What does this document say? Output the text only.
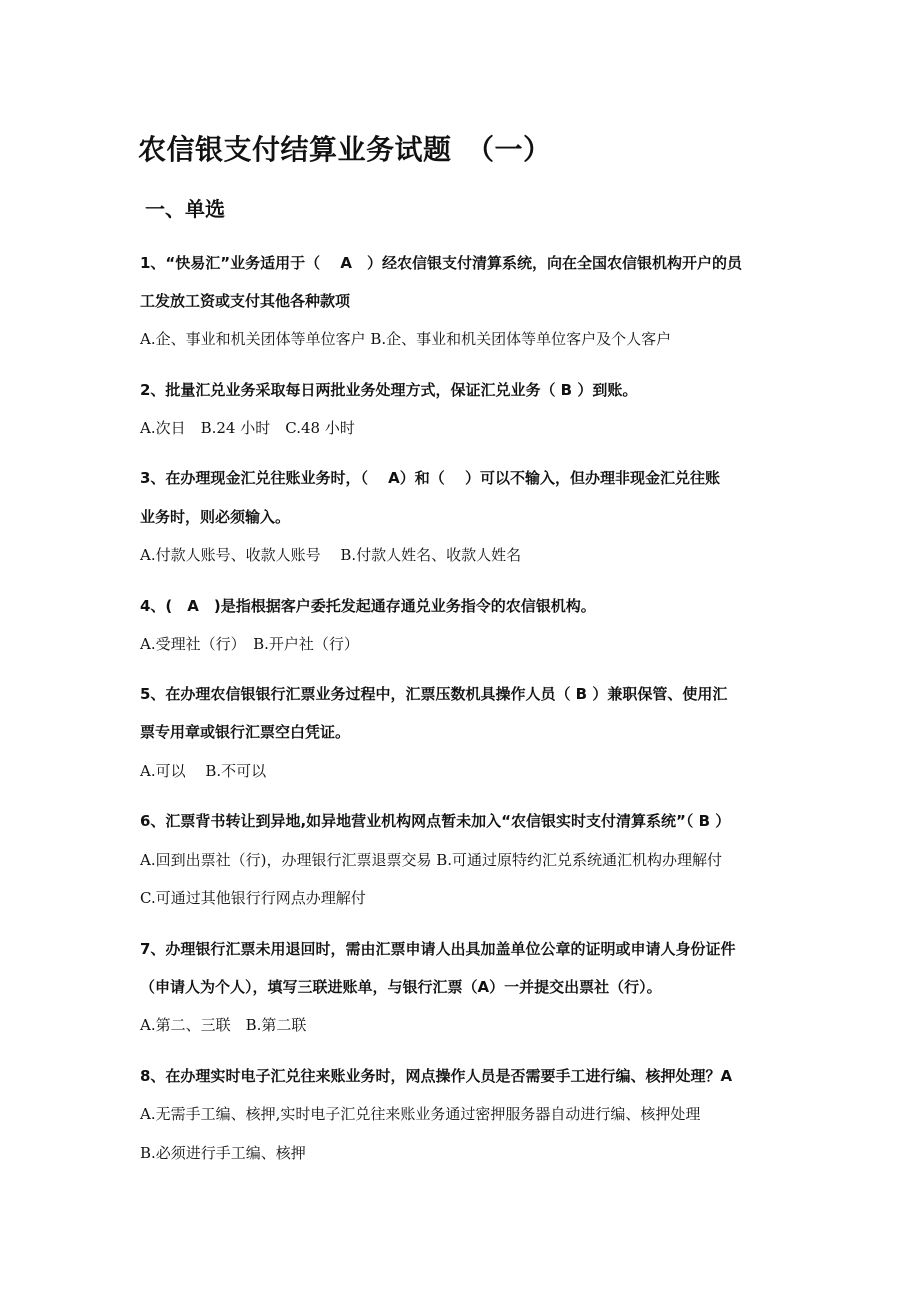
农信银支付结算业务试题　（一）
一、单选
1、“快易汇”业务适用于（　 A　）经农信银支付清算系统，向在全国农信银机构开户的员
工发放工资或支付其他各种款项
A.企、事业和机关团体等单位客户 B.企、事业和机关团体等单位客户及个人客户
2、批量汇兑业务采取每日两批业务处理方式，保证汇兑业务（ B ）到账。
A.次日　B.24 小时　C.48 小时
3、在办理现金汇兑往账业务时，（　 A）和（　 ）可以不输入，但办理非现金汇兑往账
业务时，则必须输入。
A.付款人账号、收款人账号　 B.付款人姓名、收款人姓名
4、(　A　)是指根据客户委托发起通存通兑业务指令的农信银机构。
A.受理社（行）　B.开户社（行）
5、在办理农信银银行汇票业务过程中，汇票压数机具操作人员（ B ）兼职保管、使用汇
票专用章或银行汇票空白凭证。
A.可以　 B.不可以
6、汇票背书转让到异地,如异地营业机构网点暂未加入“农信银实时支付清算系统”（ B ）
A.回到出票社（行)，办理银行汇票退票交易 B.可通过原特约汇兑系统通汇机构办理解付
C.可通过其他银行行网点办理解付
7、办理银行汇票未用退回时，需由汇票申请人出具加盖单位公章的证明或申请人身份证件
（申请人为个人），填写三联进账单，与银行汇票（A）一并提交出票社（行）。
A.第二、三联　B.第二联
8、在办理实时电子汇兑往来账业务时，网点操作人员是否需要手工进行编、核押处理？A
A.无需手工编、核押,实时电子汇兑往来账业务通过密押服务器自动进行编、核押处理
B.必须进行手工编、核押
